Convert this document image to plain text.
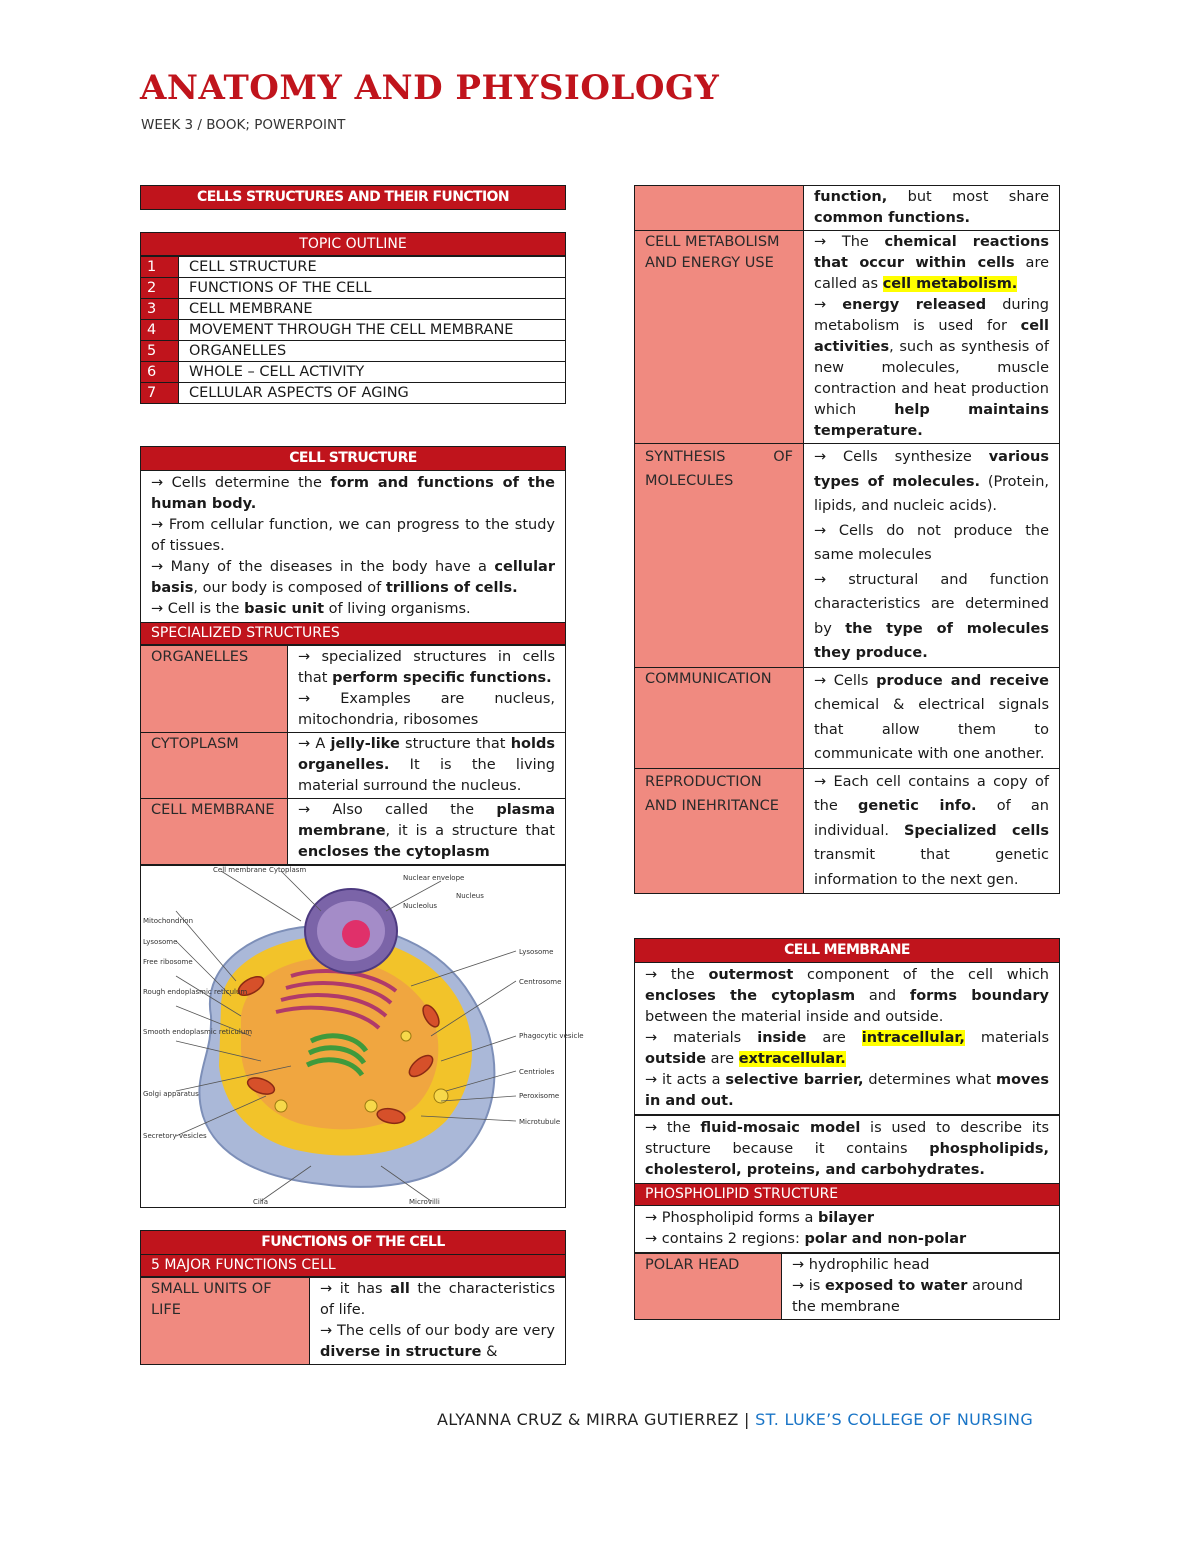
ANATOMY AND PHYSIOLOGY
WEEK 3 / BOOK; POWERPOINT
CELLS STRUCTURES AND THEIR FUNCTION
TOPIC OUTLINE
1	CELL STRUCTURE
2	FUNCTIONS OF THE CELL
3	CELL MEMBRANE
4	MOVEMENT THROUGH THE CELL MEMBRANE
5	ORGANELLES
6	WHOLE – CELL ACTIVITY
7	CELLULAR ASPECTS OF AGING
CELL STRUCTURE
→ Cells determine the form and functions of the human body.
→ From cellular function, we can progress to the study of tissues.
→ Many of the diseases in the body have a cellular basis, our body is composed of trillions of cells.
→ Cell is the basic unit of living organisms.
SPECIALIZED STRUCTURES
ORGANELLES	→ specialized structures in cells that perform specific functions.
→ Examples are nucleus, mitochondria, ribosomes
CYTOPLASM	→ A jelly-like structure that holds organelles. It is the living material surround the nucleus.
CELL MEMBRANE	→ Also called the plasma membrane, it is a structure that encloses the cytoplasm
Cell membrane Cytoplasm
Nuclear envelope
Nucleus
Nucleolus
Mitochondrion
Lysosome
Free ribosome
Rough endoplasmic reticulum
Smooth endoplasmic reticulum
Golgi apparatus
Secretory vesicles
Lysosome
Centrosome
Phagocytic vesicle
Centrioles
Peroxisome
Microtubule
Cilia	Microvilli
FUNCTIONS OF THE CELL
5 MAJOR FUNCTIONS CELL
SMALL UNITS OF LIFE	→ it has all the characteristics of life.
→ The cells of our body are very diverse in structure &
	function, but most share common functions.
CELL METABOLISM AND ENERGY USE	→ The chemical reactions that occur within cells are called as cell metabolism.
→ energy released during metabolism is used for cell activities, such as synthesis of new molecules, muscle contraction and heat production which help maintains temperature.
SYNTHESIS OF MOLECULES	→ Cells synthesize various types of molecules. (Protein, lipids, and nucleic acids).
→ Cells do not produce the same molecules
→ structural and function characteristics are determined by the type of molecules they produce.
COMMUNICATION	→ Cells produce and receive chemical & electrical signals that allow them to communicate with one another.
REPRODUCTION AND INEHRITANCE	→ Each cell contains a copy of the genetic info. of an individual. Specialized cells transmit that genetic information to the next gen.
CELL MEMBRANE
→ the outermost component of the cell which encloses the cytoplasm and forms boundary between the material inside and outside.
→ materials inside are intracellular, materials outside are extracellular.
→ it acts a selective barrier, determines what moves in and out.
→ the fluid-mosaic model is used to describe its structure because it contains phospholipids, cholesterol, proteins, and carbohydrates.
PHOSPHOLIPID STRUCTURE
→ Phospholipid forms a bilayer
→ contains 2 regions: polar and non-polar
POLAR HEAD	→ hydrophilic head
→ is exposed to water around the membrane
ALYANNA CRUZ & MIRRA GUTIERREZ | ST. LUKE’S COLLEGE OF NURSING
